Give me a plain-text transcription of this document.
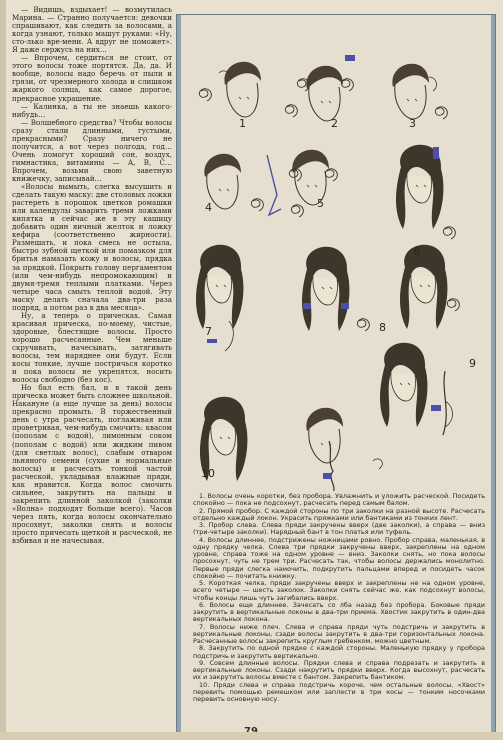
— Видишь, вздыхает! — возмутилась Марина. — Странно получается: девочки спрашивают, как следить за волосами, а когда узнают, только машут руками: «Ну, сто-лько вре-мени. А вдруг не поможет». Я даже сержусь на них…

— Впрочем, сердиться не стоит, от этого волосы тоже портятся. Да, да. И вообще, волосы надо беречь от пыли и грязи, от чрезмерного холода и слишком жаркого солнца, как самое дорогое, прекрасное украшение.

— Калинка, а ты не знаешь какого-нибудь…

— Волшебного средства? Чтобы волосы сразу стали длинными, густыми, прекрасными? Сразу ничего не получится, а вот через полгода, год… Очень помогут хороший сон, воздух, гимнастика, витамины — А, В, С… Впрочем, возьми свою заветную книжечку, записывай…

«Волосы вымыть, слегка высушить и сделать такую маску: две столовых ложки растереть в порошок цветков ромашки или календулы заварить тремя ложками кипятка и сейчас же в эту кашицу добавить один яичный желток и ложку кефира (соответственно жирности). Размешать, и пока смесь не остыла, быстро зубной щеткой или помазком для бритья намазать кожу и волосы, прядка за прядкой. Покрыть голову пергаментом (или чем-нибудь непромокающим) и двумя-тремя теплыми платками. Через четыре часа смыть теплой водой. Эту маску делать сначала два-три раза подряд, а потом раз в два месяца».

Ну, а теперь о прическах. Самая красивая прическа, по-моему, чистые, здоровые, блестящие волосы. Просто хорошо расчесанные. Чем меньше скручивать, начесывать, затягивать волосы, тем наряднее они будут. Если косы тонкие, лучше постричься коротко и пока волосы не укрепятся, носить волосы свободно (без кос).

Но бал есть бал, и в такой день прическа может быть сложнее школьной. Накануне (а еще лучше за день) волосы прекрасно промыть. В торжественный день с утра расчесать, поглаживая или проветривая, чем-нибудь смочить: квасом (пополам с водой), лимонным соком (пополам с водой) или жидким пивом (для светлых волос), слабым отваром льняного семени (сухие и нормальные волосы) и расчесать тонкой частой расческой, укладывая влажные пряди, как нравится. Когда волос смочить сильнее, закрутить на пальцы и закрепить длинной заколкой (заколки «Волна» подходят больше всего). Часов через пять, когда волосы окончательно просохнут, заколки снять и волосы просто причесать щеткой и расческой, не взбивая и не начесывая.

1	2	3
4	5
6
7	8
9
10

1. Волосы очень коротки, без пробора. Увлажнить и уложить расческой. Посидеть спокойно — пока не подсохнут, расчесать перед самым балом.

2. Прямой пробор. С каждой стороны по три заколки на разной высоте. Расчесать отдельно каждый локон. Украсить пряжками или бантиками из тонких лент.

3. Пробор слева. Слева пряди закручены вверх (две заколки), а справа — вниз (три-четыре заколки). Нарядный бант в тон платья или туфель.

4. Волосы длиннее, подстрижены ножницами ровно. Пробор справа, маленькая, в одну прядку челка. Слева три прядки закручены вверх, закреплены на одном уровне, справа тоже на одном уровне — вниз. Заколки снять, но пока волосы просохнут, чуть не трем три. Расчесать так, чтобы волосы держались монолитно. Первые пряди слегка намочить, подкрутить пальцами вперед и посидеть часок спокойно — почитать книжку.

5. Короткая челка, пряди закручены вверх и закреплены не на одном уровне, всего четыре — шесть заколок. Заколки снять сейчас же, как подсохнут волосы, чтобы концы лишь чуть загибались вверх.

6. Волосы еще длиннее. Зачесать со лба назад без пробора. Боковые пряди закрутить в вертикальные локоны в два-три приема. Хвостик закрутить в один-два вертикальных локона.

7. Волосы ниже плеч. Слева и справа пряди чуть подстричь и закрутить в вертикальные локоны, сзади волосы закрутить в два-три горизонтальных локона. Расчесанные волосы закрепить круглым гребенком, можно цветным.

8. Закрутить по одной прядке с каждой стороны. Маленькую прядку у пробора подстричь и закрутить вертикально.

9. Совсем длинные волосы. Прядки слева и справа подрезать и закрутить в вертикальные локоны. Сзади накрутить прядки вверх. Когда высохнут, расчесать их и закрутить волосы вместе с бантом. Закрепить бантиком.

10. Пряди слева и справа подстричь короче, чем остальные волосы. «Хвост» перевить помощью ремешком или заплести в три косы — тонким носочками перевить основную носу.
